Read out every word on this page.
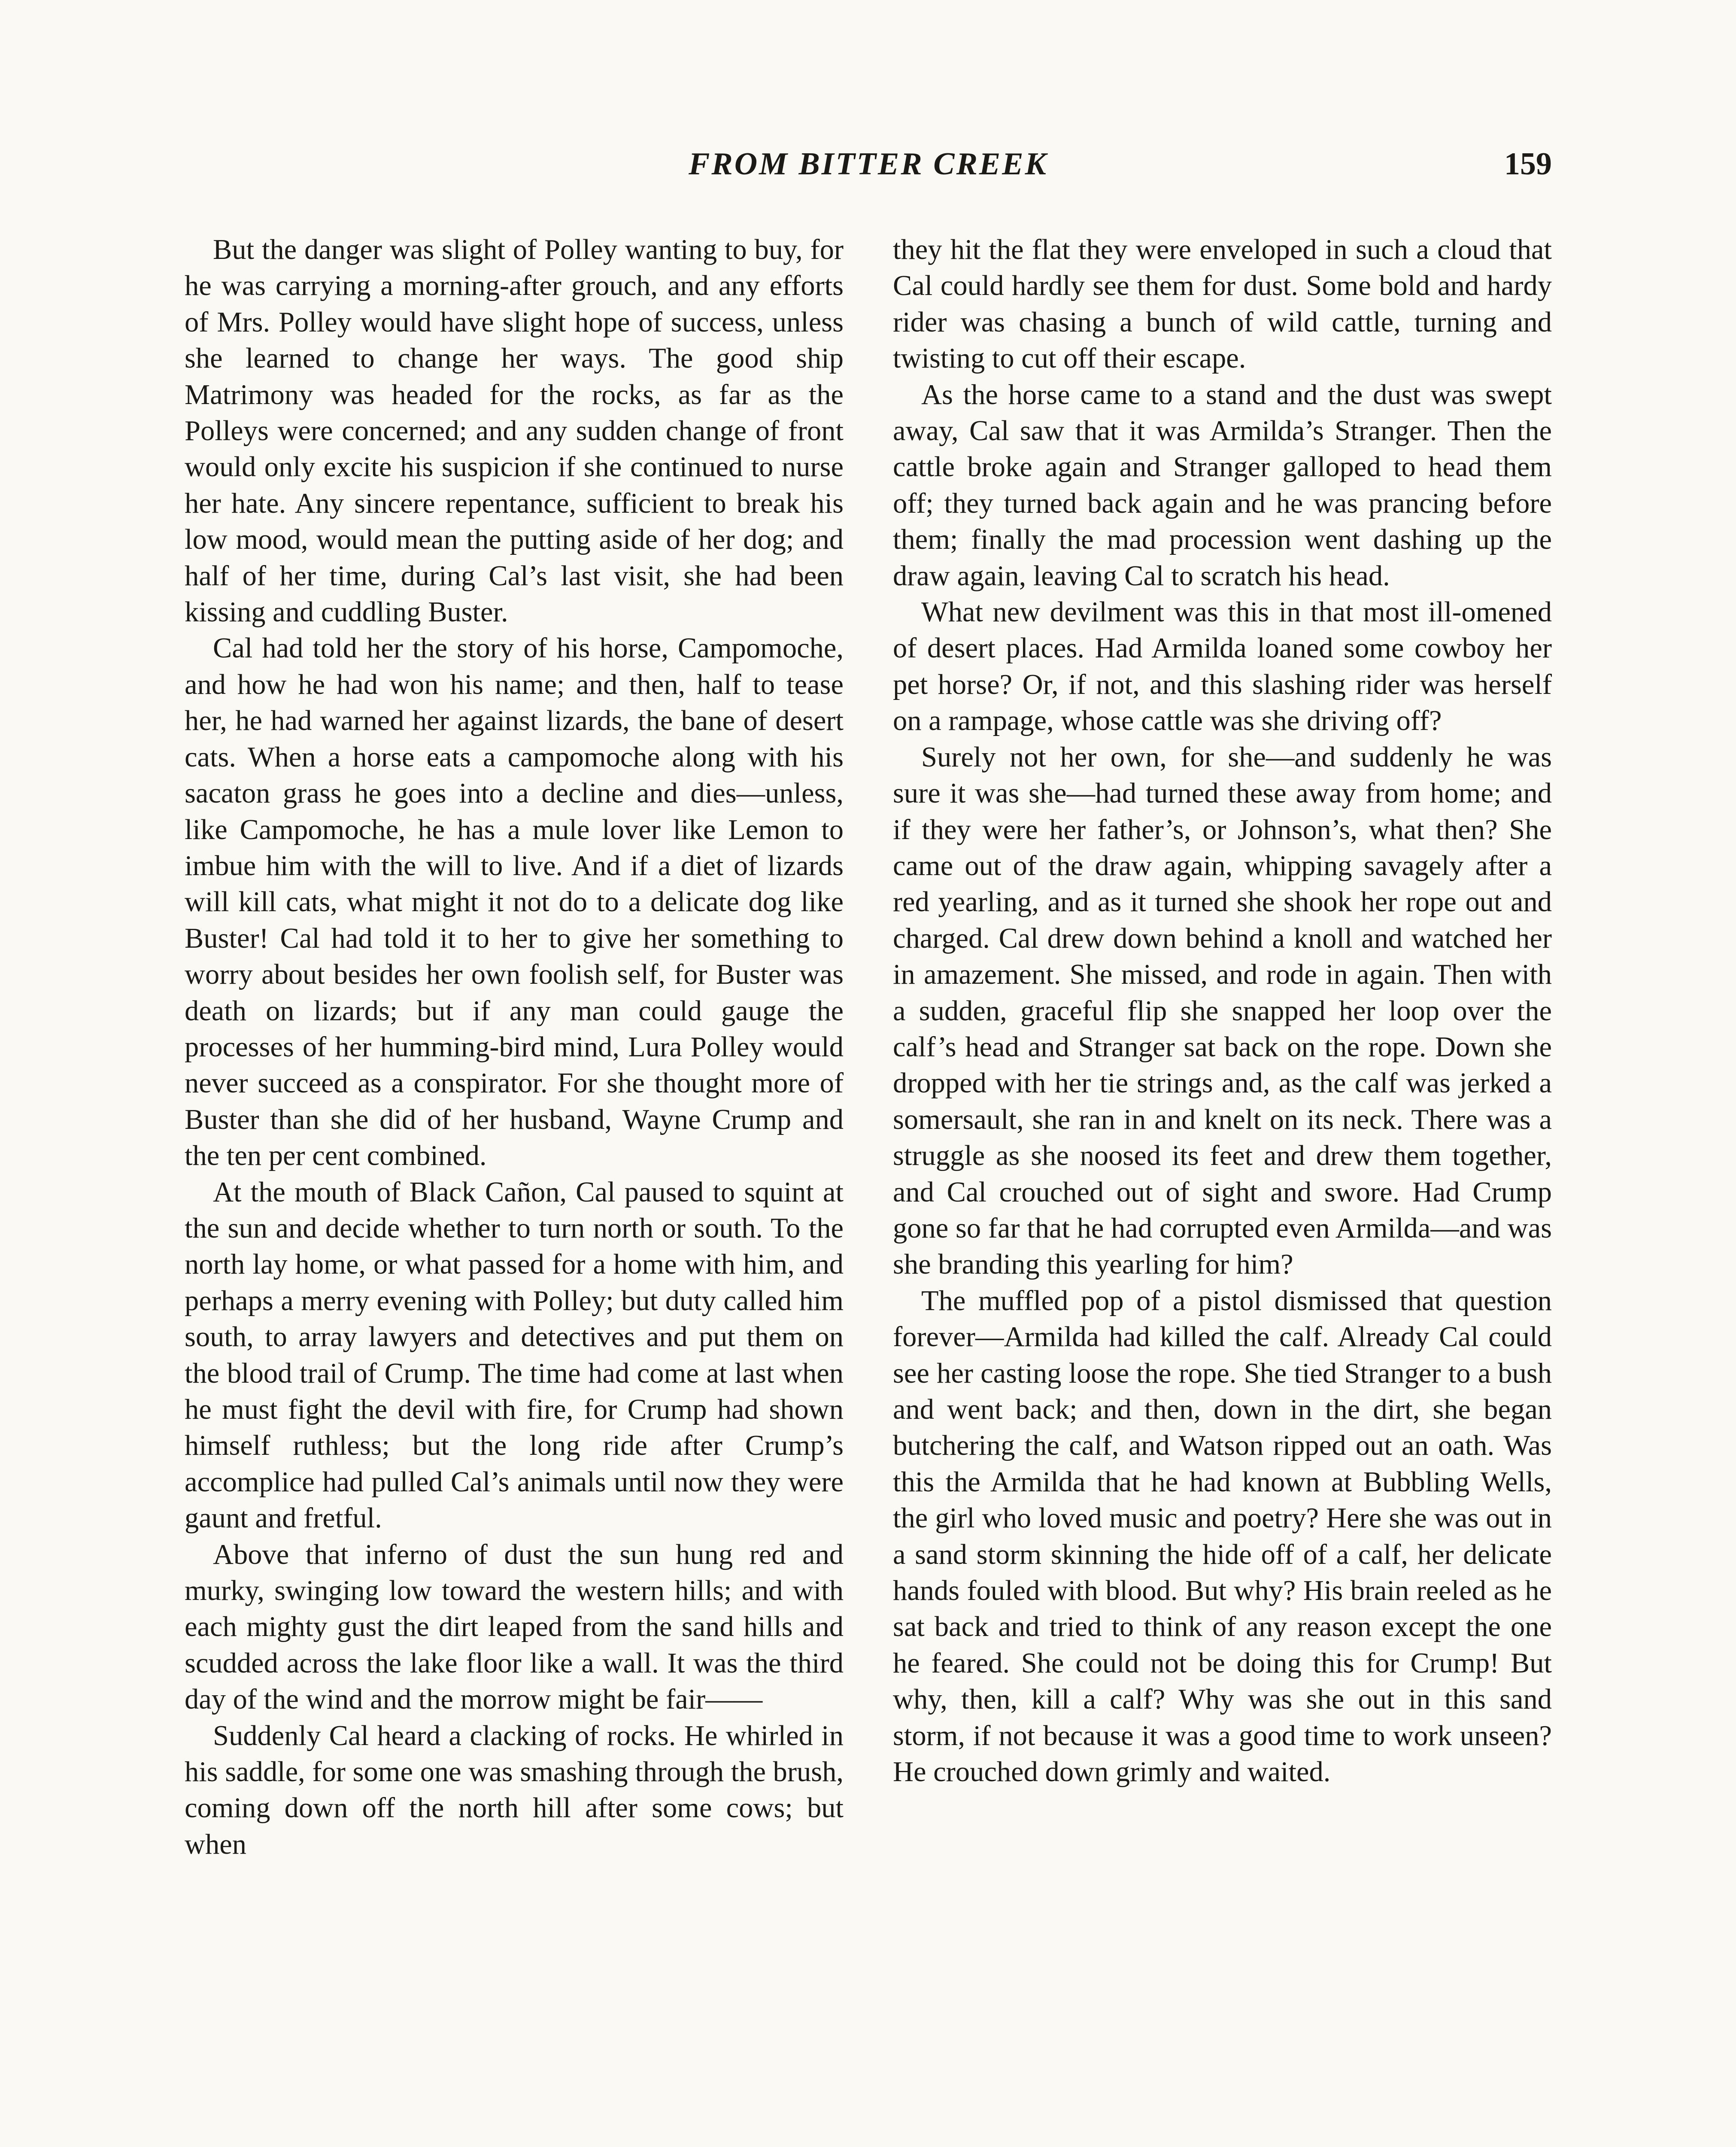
FROM BITTER CREEK	159

But the danger was slight of Polley wanting to buy, for he was carrying a morning-after grouch, and any efforts of Mrs. Polley would have slight hope of success, unless she learned to change her ways. The good ship Matrimony was headed for the rocks, as far as the Polleys were concerned; and any sudden change of front would only excite his suspicion if she continued to nurse her hate. Any sincere repentance, sufficient to break his low mood, would mean the putting aside of her dog; and half of her time, during Cal’s last visit, she had been kissing and cuddling Buster.

Cal had told her the story of his horse, Campomoche, and how he had won his name; and then, half to tease her, he had warned her against lizards, the bane of desert cats. When a horse eats a campomoche along with his sacaton grass he goes into a decline and dies—unless, like Campomoche, he has a mule lover like Lemon to imbue him with the will to live. And if a diet of lizards will kill cats, what might it not do to a delicate dog like Buster! Cal had told it to her to give her something to worry about besides her own foolish self, for Buster was death on lizards; but if any man could gauge the processes of her humming-bird mind, Lura Polley would never succeed as a conspirator. For she thought more of Buster than she did of her husband, Wayne Crump and the ten per cent combined.

At the mouth of Black Cañon, Cal paused to squint at the sun and decide whether to turn north or south. To the north lay home, or what passed for a home with him, and perhaps a merry evening with Polley; but duty called him south, to array lawyers and detectives and put them on the blood trail of Crump. The time had come at last when he must fight the devil with fire, for Crump had shown himself ruthless; but the long ride after Crump’s accomplice had pulled Cal’s animals until now they were gaunt and fretful.

Above that inferno of dust the sun hung red and murky, swinging low toward the western hills; and with each mighty gust the dirt leaped from the sand hills and scudded across the lake floor like a wall. It was the third day of the wind and the morrow might be fair——

Suddenly Cal heard a clacking of rocks. He whirled in his saddle, for some one was smashing through the brush, coming down off the north hill after some cows; but when

they hit the flat they were enveloped in such a cloud that Cal could hardly see them for dust. Some bold and hardy rider was chasing a bunch of wild cattle, turning and twisting to cut off their escape.

As the horse came to a stand and the dust was swept away, Cal saw that it was Armilda’s Stranger. Then the cattle broke again and Stranger galloped to head them off; they turned back again and he was prancing before them; finally the mad procession went dashing up the draw again, leaving Cal to scratch his head.

What new devilment was this in that most ill-omened of desert places. Had Armilda loaned some cowboy her pet horse? Or, if not, and this slashing rider was herself on a rampage, whose cattle was she driving off?

Surely not her own, for she—and suddenly he was sure it was she—had turned these away from home; and if they were her father’s, or Johnson’s, what then? She came out of the draw again, whipping savagely after a red yearling, and as it turned she shook her rope out and charged. Cal drew down behind a knoll and watched her in amazement. She missed, and rode in again. Then with a sudden, graceful flip she snapped her loop over the calf’s head and Stranger sat back on the rope. Down she dropped with her tie strings and, as the calf was jerked a somersault, she ran in and knelt on its neck. There was a struggle as she noosed its feet and drew them together, and Cal crouched out of sight and swore. Had Crump gone so far that he had corrupted even Armilda—and was she branding this yearling for him?

The muffled pop of a pistol dismissed that question forever—Armilda had killed the calf. Already Cal could see her casting loose the rope. She tied Stranger to a bush and went back; and then, down in the dirt, she began butchering the calf, and Watson ripped out an oath. Was this the Armilda that he had known at Bubbling Wells, the girl who loved music and poetry? Here she was out in a sand storm skinning the hide off of a calf, her delicate hands fouled with blood. But why? His brain reeled as he sat back and tried to think of any reason except the one he feared. She could not be doing this for Crump! But why, then, kill a calf? Why was she out in this sand storm, if not because it was a good time to work unseen? He crouched down grimly and waited.
